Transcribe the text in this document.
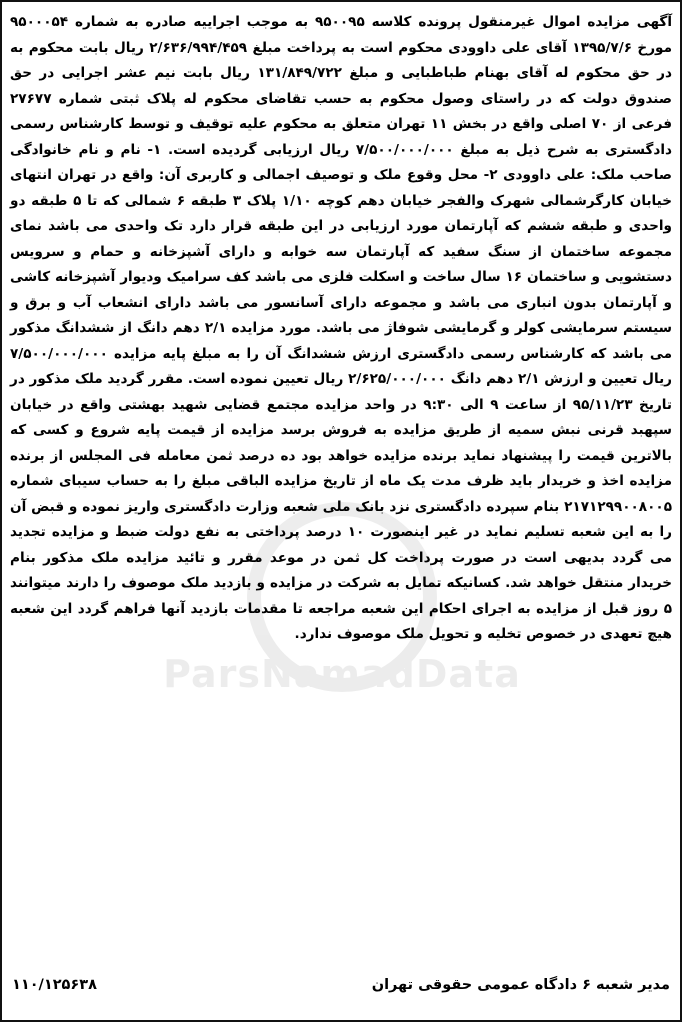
ParsNamadData

آگهی مزایده اموال غیرمنقول پرونده کلاسه ۹۵۰۰۹۵ به موجب اجراییه صادره به شماره ۹۵۰۰۰۵۴ مورخ ۱۳۹۵/۷/۶ آقای علی داوودی محکوم است به پرداخت مبلغ ۲/۶۳۶/۹۹۴/۴۵۹ ریال بابت محکوم به در حق محکوم له آقای بهنام طباطبایی و مبلغ ۱۳۱/۸۴۹/۷۲۲ ریال بابت نیم عشر اجرایی در حق صندوق دولت که در راستای وصول محکوم به حسب تقاضای محکوم له پلاک ثبتی شماره ۲۷۶۷۷ فرعی از ۷۰ اصلی واقع در بخش ۱۱ تهران متعلق به محکوم علیه توقیف و توسط کارشناس رسمی دادگستری به شرح ذیل به مبلغ ۷/۵۰۰/۰۰۰/۰۰۰ ریال ارزیابی گردیده است. ۱- نام و نام خانوادگی صاحب ملک: علی داوودی ۲- محل وقوع ملک و توصیف اجمالی و کاربری آن: واقع در تهران انتهای خیابان کارگرشمالی شهرک والفجر خیابان دهم کوچه ۱/۱۰ پلاک ۳ طبقه ۶ شمالی که تا ۵ طبقه دو واحدی و طبقه ششم که آپارتمان مورد ارزیابی در این طبقه قرار دارد تک واحدی می باشد نمای مجموعه ساختمان از سنگ سفید که آپارتمان سه خوابه و دارای آشپزخانه و حمام و سرویس دستشویی و ساختمان ۱۶ سال ساخت و اسکلت فلزی می باشد کف سرامیک ودیوار آشپزخانه کاشی و آپارتمان بدون انباری می باشد و مجموعه دارای آسانسور می باشد دارای انشعاب آب و برق و سیستم سرمایشی کولر و گرمایشی شوفاژ می باشد. مورد مزایده ۲/۱ دهم دانگ از ششدانگ مذکور می باشد که کارشناس رسمی دادگستری ارزش ششدانگ آن را به مبلغ پایه مزایده ۷/۵۰۰/۰۰۰/۰۰۰ ریال تعیین و ارزش ۲/۱ دهم دانگ ۲/۶۲۵/۰۰۰/۰۰۰ ریال تعیین نموده است. مقرر گردید ملک مذکور در تاریخ ۹۵/۱۱/۲۳ از ساعت ۹ الی ۹:۳۰ در واحد مزایده مجتمع قضایی شهید بهشتی واقع در خیابان سپهبد قرنی نبش سمیه از طریق مزایده به فروش برسد مزایده از قیمت پایه شروع و کسی که بالاترین قیمت را پیشنهاد نماید برنده مزایده خواهد بود ده درصد ثمن معامله فی المجلس از برنده مزایده اخذ و خریدار باید ظرف مدت یک ماه از تاریخ مزایده الباقی مبلغ را به حساب سیبای شماره ۲۱۷۱۲۹۹۰۰۸۰۰۵ بنام سپرده دادگستری نزد بانک ملی شعبه وزارت دادگستری واریز نموده و قبض آن را به این شعبه تسلیم نماید در غیر اینصورت ۱۰ درصد پرداختی به نفع دولت ضبط و مزایده تجدید می گردد بدیهی است در صورت پرداخت کل ثمن در موعد مقرر و تائید مزایده ملک مذکور بنام خریدار منتقل خواهد شد. کسانیکه تمایل به شرکت در مزایده و بازدید ملک موصوف را دارند میتوانند ۵ روز قبل از مزایده به اجرای احکام این شعبه مراجعه تا مقدمات بازدید آنها فراهم گردد این شعبه هیچ تعهدی در خصوص تخلیه و تحویل ملک موصوف ندارد.

مدیر شعبه ۶ دادگاه عمومی حقوقی تهران
۱۱۰/۱۲۵۶۳۸
